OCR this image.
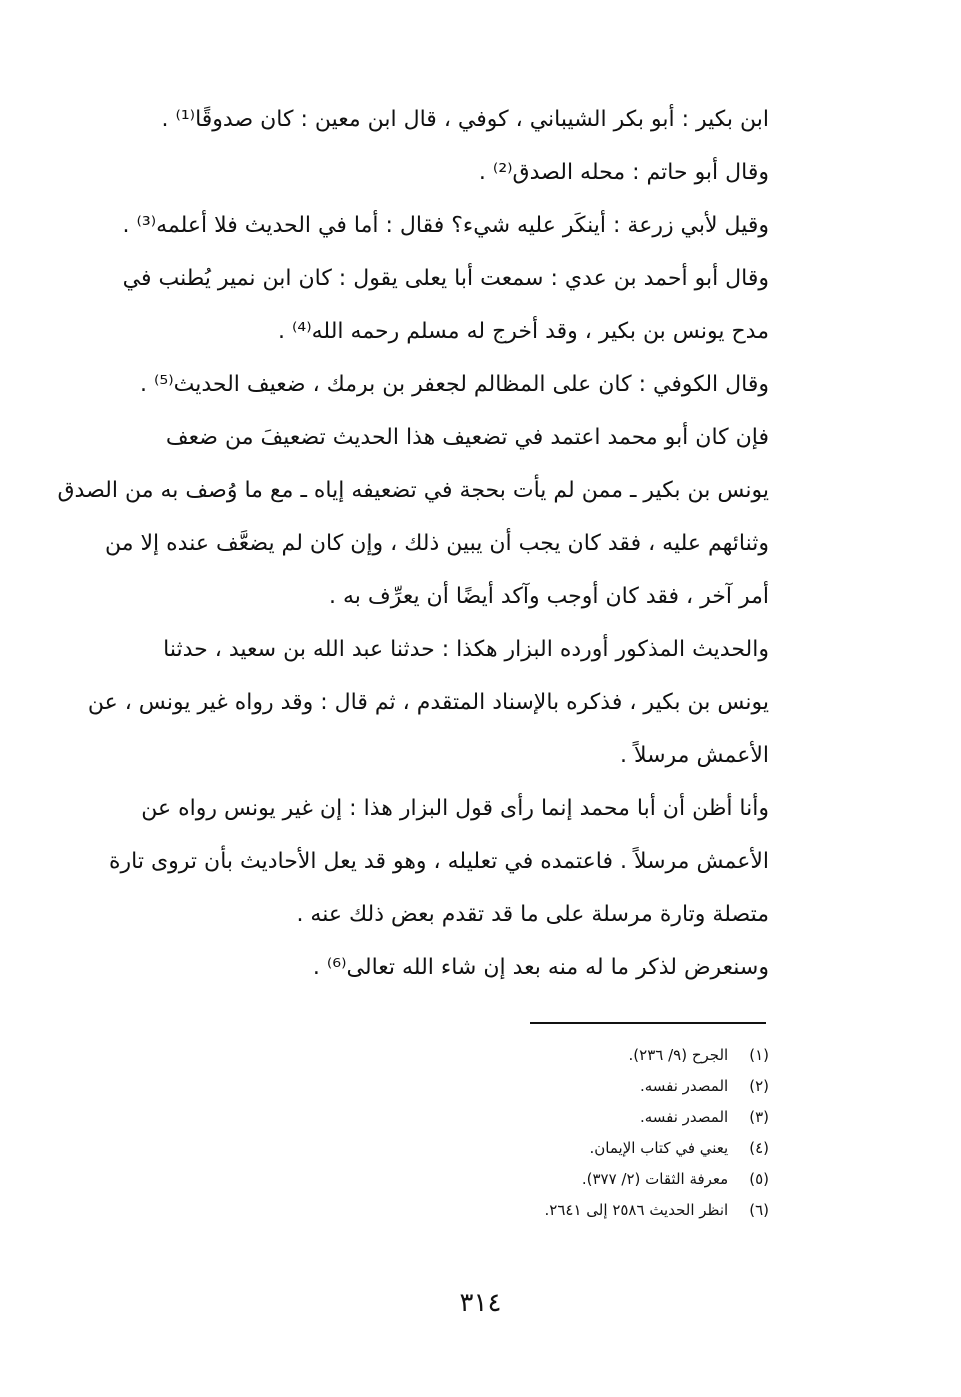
ابن بكير : أبو بكر الشيباني ، كوفي ، قال ابن معين : كان صدوقًا⁽¹⁾ .
وقال أبو حاتم : محله الصدق⁽²⁾ .
وقيل لأبي زرعة : أينكَر عليه شيء؟ فقال : أما في الحديث فلا أعلمه⁽³⁾ .
وقال أبو أحمد بن عدي : سمعت أبا يعلى يقول : كان ابن نمير يُطنب في
مدح يونس بن بكير ، وقد أخرج له مسلم رحمه الله⁽⁴⁾ .
وقال الكوفي : كان على المظالم لجعفر بن برمك ، ضعيف الحديث⁽⁵⁾ .
فإن كان أبو محمد اعتمد في تضعيف هذا الحديث تضعيفَ من ضعف
يونس بن بكير ـ ممن لم يأت بحجة في تضعيفه إياه ـ مع ما وُصف به من الصدق
وثنائهم عليه ، فقد كان يجب أن يبين ذلك ، وإن كان لم يضعَّف عنده إلا من
أمر آخر ، فقد كان أوجب وآكد أيضًا أن يعرِّف به .
والحديث المذكور أورده البزار هكذا : حدثنا عبد الله بن سعيد ، حدثنا
يونس بن بكير ، فذكره بالإسناد المتقدم ، ثم قال : وقد رواه غير يونس ، عن
الأعمش مرسلاً .
وأنا أظن أن أبا محمد إنما رأى قول البزار هذا : إن غير يونس رواه عن
الأعمش مرسلاً . فاعتمده في تعليله ، وهو قد يعل الأحاديث بأن تروى تارة
متصلة وتارة مرسلة على ما قد تقدم بعض ذلك عنه .
وسنعرض لذكر ما له منه بعد إن شاء الله تعالى⁽⁶⁾ .
(١) الجرح (٩/ ٢٣٦).
(٢) المصدر نفسه.
(٣) المصدر نفسه.
(٤) يعني في كتاب الإيمان.
(٥) معرفة الثقات (٢/ ٣٧٧).
(٦) انظر الحديث ٢٥٨٦ إلى ٢٦٤١.
٣١٤
